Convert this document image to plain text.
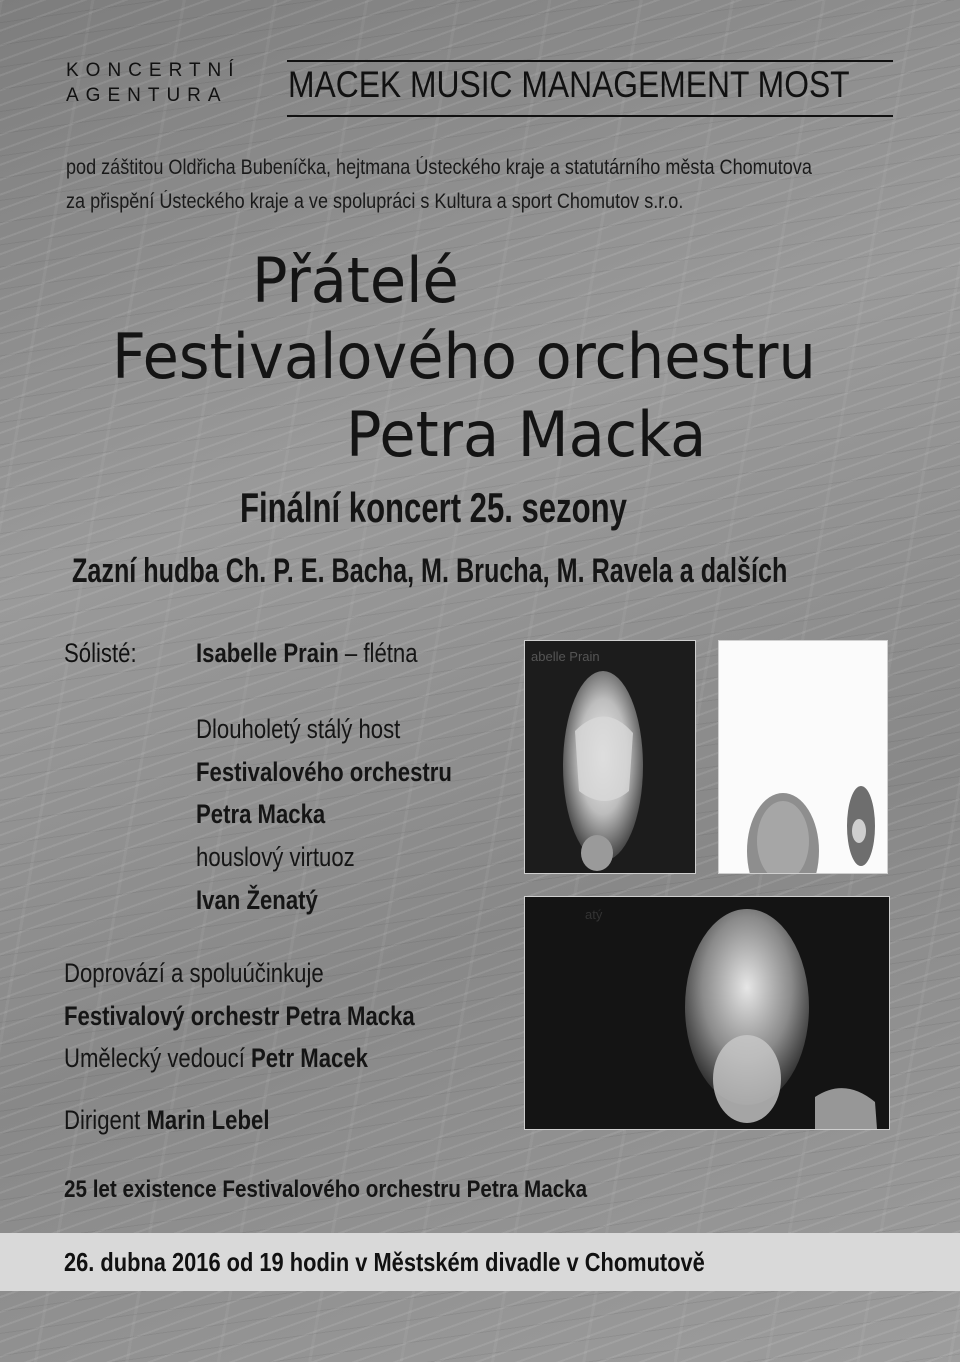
KONCERTNÍ
AGENTURA MACEK MUSIC MANAGEMENT MOST
pod záštitou Oldřicha Bubeníčka, hejtmana Ústeckého kraje a statutárního města Chomutova
za přispění Ústeckého kraje a ve spolupráci s Kultura a sport Chomutov s.r.o.
Přátelé
Festivalového orchestru
Petra Macka
Finální koncert 25. sezony
Zazní hudba Ch. P. E. Bacha, M. Brucha, M. Ravela a dalších
Sólisté: Isabelle Prain – flétna
Dlouholetý stálý host
Festivalového orchestru
Petra Macka
houslový virtuoz
Ivan Ženatý
Doprovází a spoluúčinkuje
Festivalový orchestr Petra Macka
Umělecký vedoucí Petr Macek
Dirigent Marin Lebel
25 let existence Festivalového orchestru Petra Macka
26. dubna 2016 od 19 hodin v Městském divadle v Chomutově
abelle Prain
atý
